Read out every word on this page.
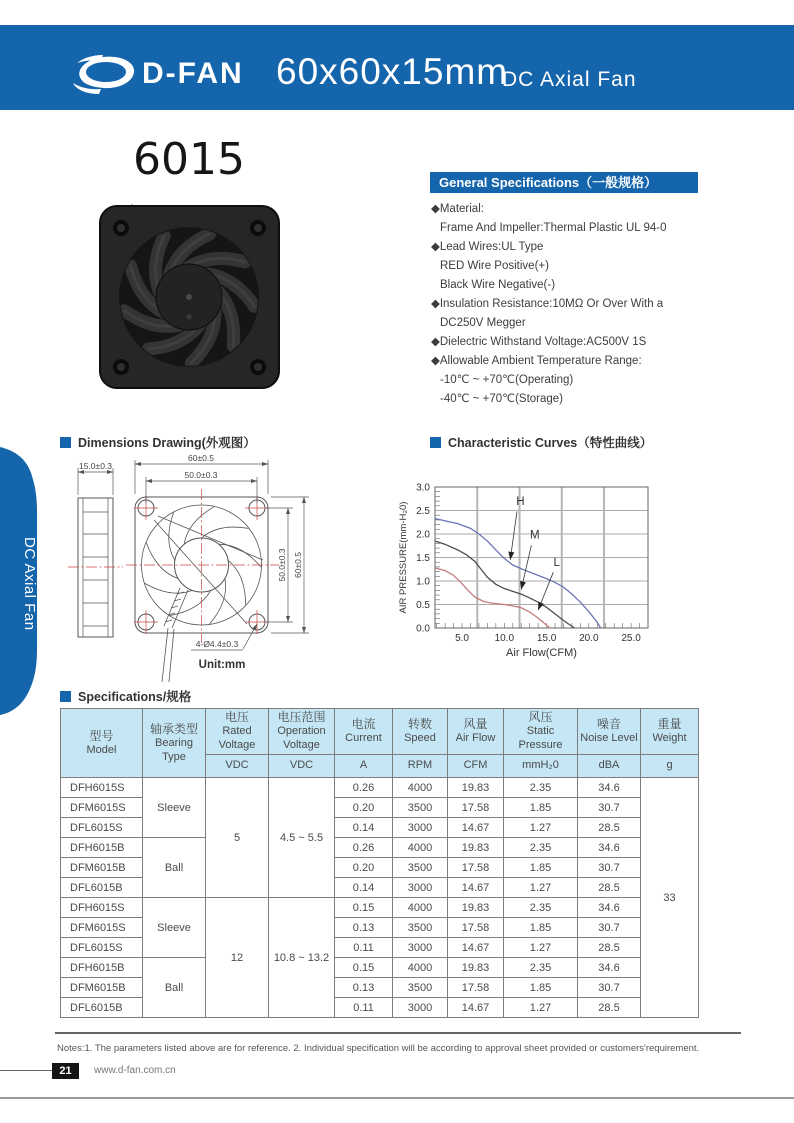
D-FAN 60x60x15mm
DC Axial Fan
6015	General Specifications（一般规格）
◆Material:
Frame And Impeller:Thermal Plastic UL 94-0
◆Lead Wires:UL Type
RED Wire Positive(+)
Black Wire Negative(-)
◆Insulation Resistance:10MΩ Or Over With a
DC250V Megger
◆Dielectric Withstand Voltage:AC500V 1S
◆Allowable Ambient Temperature Range:
-10℃ ~ +70℃(Operating)
-40℃ ~ +70℃(Storage)
Dimensions Drawing(外观图）	Characteristic Curves（特性曲线）
15.0±0.3
60±0.5
50.0±0.3
50.0±0.3 60±0.5
4-Ø4.4±0.3
Unit:mm
0.0
0.5
1.0
1.5
2.0
2.5
3.0
5.0	10.0 15.0 20.0 25.0
Air Flow(CFM)
AIR PRESSURE(mm-H₂0)	H
M
L
DC Axial Fan
Specifications/规格
型号
Model

轴承类型
Bearing Type

电压
Rated Voltage

电压范围
Operation Voltage

电流
Current

转数
Speed

风量
Air Flow

风压
Static Pressure

噪音
Noise Level

重量
Weight

		VDC	VDC	A	RPM	CFM	mmH₂0	dBA	g
DFH6015S	Sleeve	5	4.5 ~ 5.5	0.26	4000	19.83	2.35	34.6	33
DFM6015S				0.20	3500	17.58	1.85	30.7	
DFL6015S				0.14	3000	14.67	1.27	28.5	
DFH6015B	Ball			0.26	4000	19.83	2.35	34.6	
DFM6015B				0.20	3500	17.58	1.85	30.7	
DFL6015B				0.14	3000	14.67	1.27	28.5	
DFH6015S	Sleeve	12	10.8 ~ 13.2	0.15	4000	19.83	2.35	34.6	
DFM6015S				0.13	3500	17.58	1.85	30.7	
DFL6015S				0.11	3000	14.67	1.27	28.5	
DFH6015B	Ball			0.15	4000	19.83	2.35	34.6	
DFM6015B				0.13	3500	17.58	1.85	30.7	
DFL6015B				0.11	3000	14.67	1.27	28.5	
Notes:1. The parameters listed above are for reference. 2. Individual specification will be according to approval sheet provided or customers'requirement.
21	www.d-fan.com.cn
